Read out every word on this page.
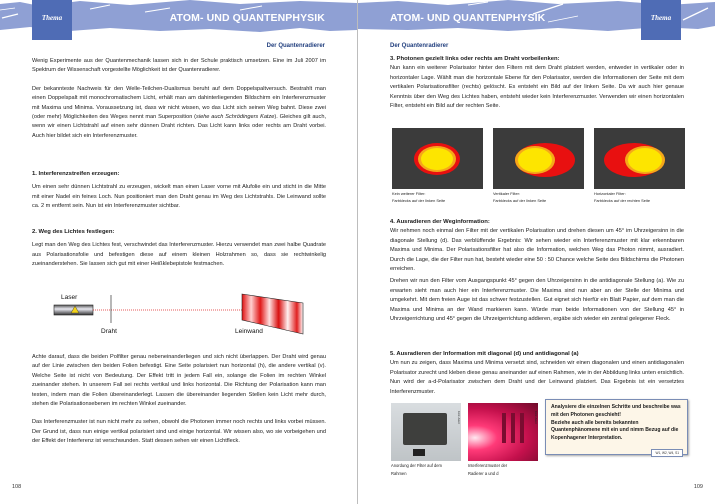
Thema	ATOM- UND QUANTENPHYSIK
Der Quantenradierer

Wenig Experimente aus der Quantenmechanik lassen sich in der Schule praktisch umsetzen. Eine im Juli 2007 im Spektrum der Wissenschaft vorgestellte Möglichkeit ist der Quantenradierer.

Der bekannteste Nachweis für den Welle-Teilchen-Dualismus beruht auf dem Doppelspaltversuch. Bestrahlt man einen Doppelspalt mit monochromatischem Licht, erhält man am dahinterliegenden Bildschirm ein Interferenzmuster mit Maxima und Minima. Voraussetzung ist, dass wir nicht wissen, wo das Licht sich seinen Weg bahnt. Diese zwei (oder mehr) Möglichkeiten des Weges nennt man Superposition (siehe auch Schrödingers Katze). Gleiches gilt auch, wenn wir einen Lichtstrahl auf einen sehr dünnen Draht richten. Das Licht kann links oder rechts am Draht vorbei. Auch hier bildet sich ein Interferenzmuster.

1. Interferenzstreifen erzeugen:

Um einen sehr dünnen Lichtstrahl zu erzeugen, wickelt man einen Laser vorne mit Alufolie ein und sticht in die Mitte mit einer Nadel ein feines Loch. Nun positioniert man den Draht genau im Weg des Lichtstrahls. Die Leinwand sollte ca. 2 m entfernt sein. Nun ist ein Interferenzmuster sichtbar.

2. Weg des Lichtes festlegen:

Legt man den Weg des Lichtes fest, verschwindet das Interferenzmuster. Hierzu verwendet man zwei halbe Quadrate aus Polarisationsfolie und befestigen diese auf einem kleinen Holzrahmen so, dass sie rechtwinkelig zueinanderstehen. Sie lassen sich gut mit einer Heißklebepistole festmachen.

Laser
Draht	Leinwand

Achte darauf, dass die beiden Polfilter genau nebeneinanderliegen und sich nicht überlappen. Der Draht wird genau auf der Linie zwischen den beiden Folien befestigt. Eine Seite polarisiert nun horizontal (h), die andere vertikal (v). Welche Seite ist nicht von Bedeutung. Der Effekt tritt in jedem Fall ein, solange die Folien im rechten Winkel zueinander stehen. In unserem Fall sei rechts vertikal und links horizontal. Die Richtung der Polarisation kann man testen, indem man die Folien übereinanderlegt. Lassen die übereinander liegenden Stellen kein Licht mehr durch, stehen die Polarisationsebenen im rechten Winkel zueinander.

Das Interferenzmuster ist nun nicht mehr zu sehen, obwohl die Photonen immer noch rechts und links vorbei müssen. Der Grund ist, dass nun einige vertikal polarisiert sind und einige horizontal. Wir wissen also, wo sie vorbeigehen und der Effekt der Interferenz ist verschwunden. Statt dessen sehen wir einen Lichtfleck.

108
Thema
ATOM- UND QUANTENPHYSIK
Der Quantenradierer
3. Photonen gezielt links oder rechts am Draht vorbeilenken:

Nun kann ein weiterer Polarisator hinter den Filtern mit dem Draht platziert werden, entweder in vertikaler oder in horizontaler Lage. Wählt man die horizontale Ebene für den Polarisator, werden die Informationen der Seite mit dem vertikalen Polarisationsfilter (rechts) gelöscht. Es entsteht ein Bild auf der linken Seite. Da wir auch hier genaue Kenntnis über den Weg des Lichtes haben, entsteht wieder kein Interferenzmuster. Verwenden wir einen horizontalen Filter, entsteht ein Bild auf der rechten Seite.

Kein weiterer Filter:
Farbklecks auf der linken Seite
Vertikaler Filter:
Farbklecks auf der linken Seite
Horizontaler Filter:
Farbklecks auf der rechten Seite
4. Ausradieren der Weginformation:

Wir nehmen noch einmal den Filter mit der vertikalen Polarisation und drehen diesen um 45° im Uhrzeigersinn in die diagonale Stellung (d). Das verblüffende Ergebnis: Wir sehen wieder ein Interferenzmuster mit klar erkennbaren Maxima und Minima. Der Polarisationsfilter hat also die Information, welchen Weg das Photon nimmt, ausradiert. Durch die Lage, die der Filter nun hat, besteht wieder eine 50 : 50 Chance welche Seite des Bildschirms die Photonen erreichen.

Drehen wir nun den Filter vom Ausgangspunkt 45° gegen den Uhrzeigersinn in die antidiagonale Stellung (a). Wie zu erwarten sieht man auch hier ein Interferenzmuster. Die Maxima sind nun aber an der Stelle der Minima und umgekehrt. Mit dem freien Auge ist das schwer festzustellen. Gut eignet sich hierfür ein Blatt Papier, auf dem man die Maxima und Minima an der Wand markieren kann. Würde man beide Informationen von der Stellung 45° in Uhrzeigerrichtung und 45° gegen die Uhrzeigerrichtung addieren, ergäbe sich wieder ein zentral gelegener Fleck.

5. Ausradieren der Information mit diagonal (d) und antidiagonal (a)

Um nun zu zeigen, dass Maxima und Minima versetzt sind, schneiden wir einen diagonalen und einen antidiagonalen Polarisator zurecht und kleben diese genau aneinander auf einen Rahmen, wie in der Abbildung links unten ersichtlich. Nun wird der a-d-Polarisator zwischen dem Draht und der Leinwand platziert. Das Ergebnis ist ein versetztes Interferenzmuster.

Foto: Autor
Anordung der Filter auf dem
Rahmen
Foto: Autor
Interferenzmuster der
Radierer a und d
Analysiere die einzelnen Schritte und beschreibe was mit den Photonen geschieht!
Beziehe auch alle bereits bekannten Quantenphänomene mit ein und nimm Bezug auf die Kopenhagener Interpretation.
W1, W2, W4, S1
109
